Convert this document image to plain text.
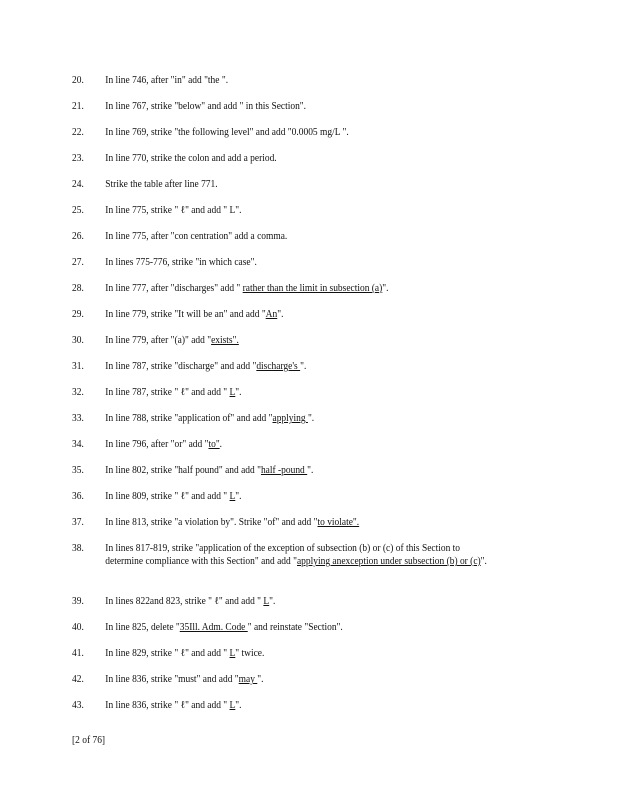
20. In line 746, after "in" add "the ".
21. In line 767, strike "below" and add " in this Section".
22. In line 769, strike "the following level" and add "0.0005 mg/L ".
23. In line 770, strike the colon and add a period.
24. Strike the table after line 771.
25. In line 775, strike " ℓ" and add " L".
26. In line 775, after "con centration" add a comma.
27. In lines 775-776, strike "in which case".
28. In line 777, after "discharges" add " rather than the limit in subsection (a)".
29. In line 779, strike "It will be an" and add "An".
30. In line 779, after "(a)" add "exists".
31. In line 787, strike "discharge" and add "discharge's ".
32. In line 787, strike " ℓ" and add " L".
33. In line 788, strike "application of" and add "applying ".
34. In line 796, after "or" add "to".
35. In line 802, strike "half pound" and add "half -pound ".
36. In line 809, strike " ℓ" and add " L".
37. In line 813, strike "a violation by". Strike "of" and add "to violate".
38.	In lines 817-819, strike "application of the exception of subsection (b) or (c) of this Section to determine compliance with this Section" and add "applying anexception under subsection (b) or (c)".
39. In lines 822and 823, strike " ℓ" and add " L".
40. In line 825, delete "35Ill. Adm. Code " and reinstate "Section".
41. In line 829, strike " ℓ" and add " L" twice.
42. In line 836, strike "must" and add "may ".
43. In line 836, strike " ℓ" and add " L".
[2 of 76]
